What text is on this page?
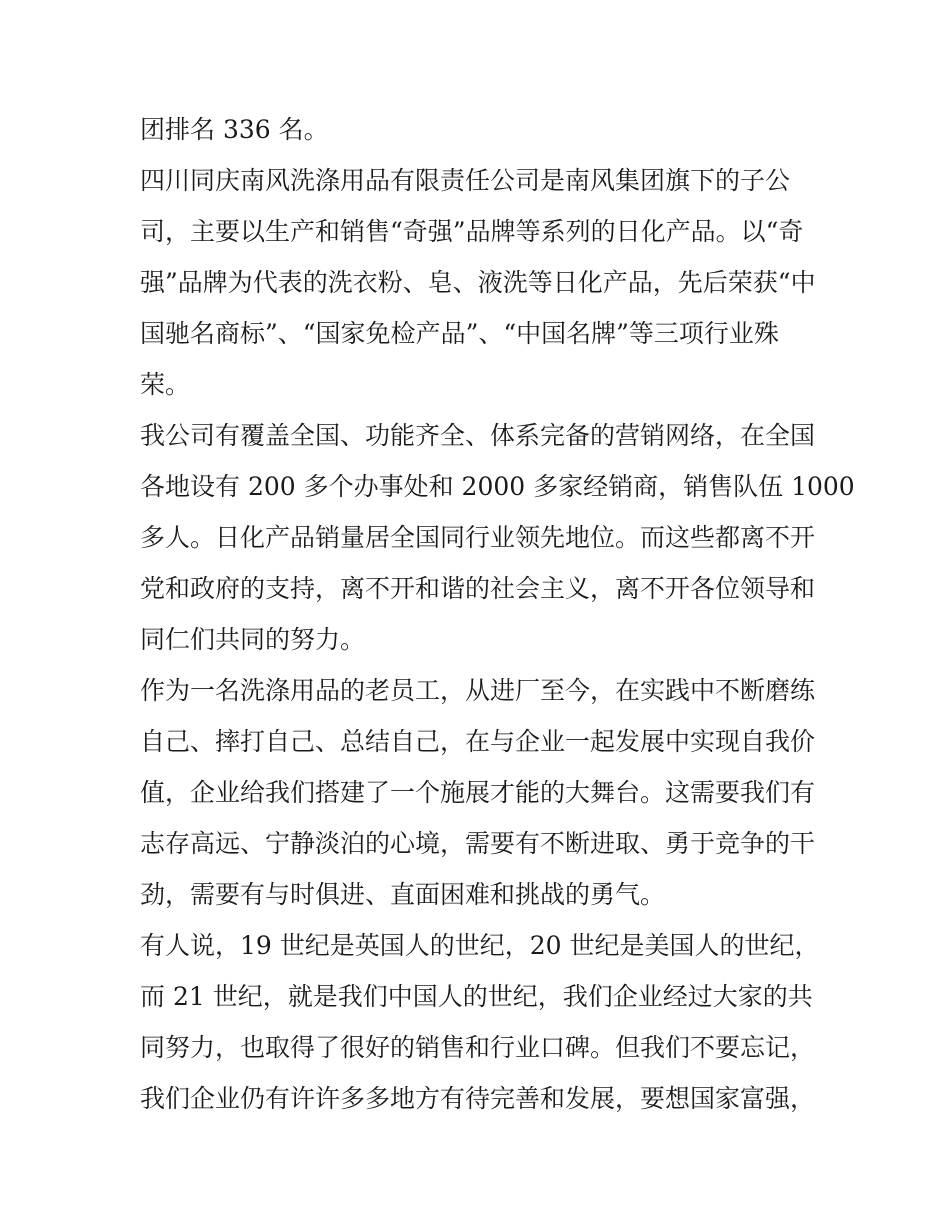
团排名 336 名。
四川同庆南风洗涤用品有限责任公司是南风集团旗下的子公
司，主要以生产和销售“奇强”品牌等系列的日化产品。以“奇
强”品牌为代表的洗衣粉、皂、液洗等日化产品，先后荣获“中
国驰名商标”、“国家免检产品”、“中国名牌”等三项行业殊
荣。
我公司有覆盖全国、功能齐全、体系完备的营销网络，在全国
各地设有 200 多个办事处和 2000 多家经销商，销售队伍 1000
多人。日化产品销量居全国同行业领先地位。而这些都离不开
党和政府的支持，离不开和谐的社会主义，离不开各位领导和
同仁们共同的努力。
作为一名洗涤用品的老员工，从进厂至今，在实践中不断磨练
自己、摔打自己、总结自己，在与企业一起发展中实现自我价
值，企业给我们搭建了一个施展才能的大舞台。这需要我们有
志存高远、宁静淡泊的心境，需要有不断进取、勇于竞争的干
劲，需要有与时俱进、直面困难和挑战的勇气。
有人说，19 世纪是英国人的世纪，20 世纪是美国人的世纪，
而 21 世纪，就是我们中国人的世纪，我们企业经过大家的共
同努力，也取得了很好的销售和行业口碑。但我们不要忘记，
我们企业仍有许许多多地方有待完善和发展，要想国家富强，
